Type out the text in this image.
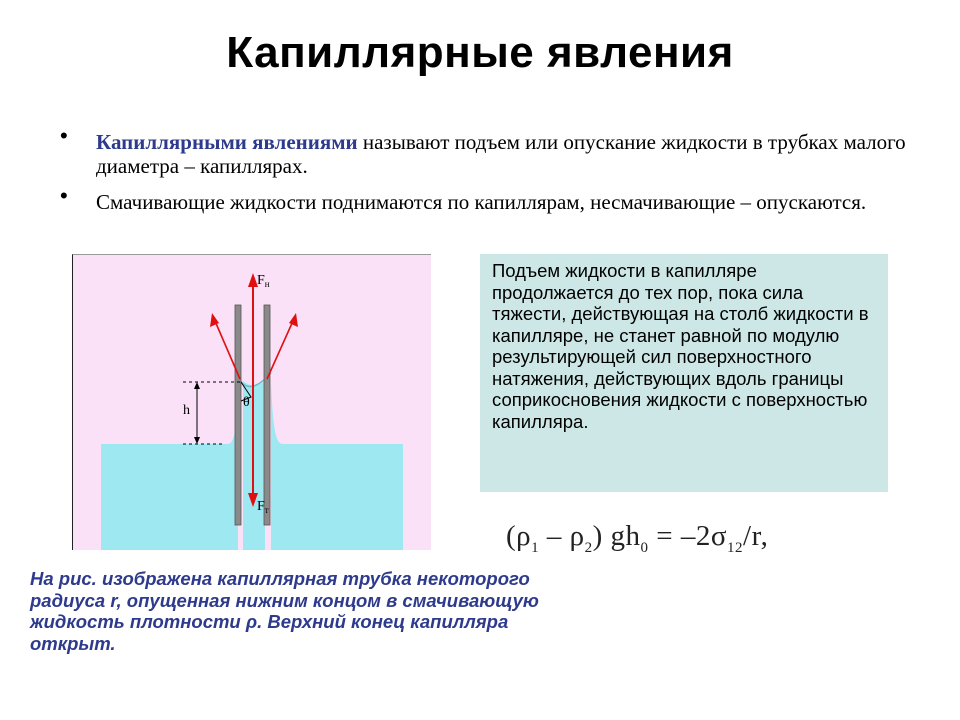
Капиллярные явления
• Капиллярными явлениями называют подъем или опускание жидкости в трубках малого диаметра – капиллярах.
• Смачивающие жидкости поднимаются по капиллярам, несмачивающие – опускаются.
$F_н$
$F_т$
h
θ
Подъем жидкости в капилляре продолжается до тех пор, пока сила тяжести, действующая на столб жидкости в капилляре, не станет равной по модулю результирующей сил поверхностного натяжения, действующих вдоль границы соприкосновения жидкости с поверхностью капилляра.
$(\rho_1 - \rho_2) gh_0 = -2\sigma_{12}/r$,
На рис. изображена капиллярная трубка некоторого радиуса r, опущенная нижним концом в смачивающую жидкость плотности ρ. Верхний конец капилляра открыт.
